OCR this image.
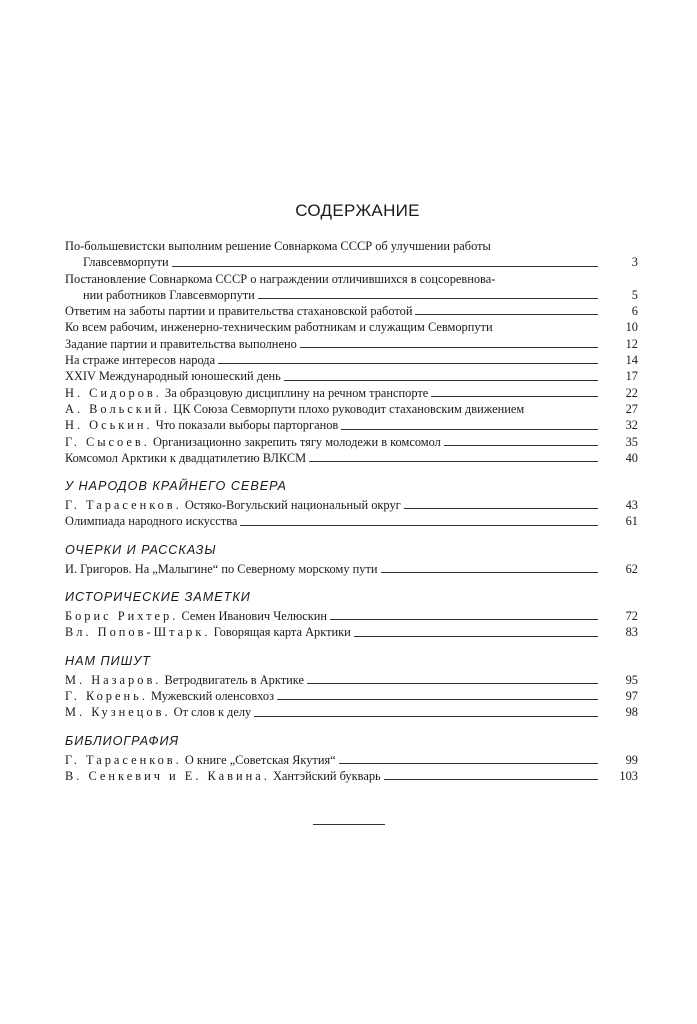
СОДЕРЖАНИЕ
По-большевистски выполним решение Совнаркома СССР об улучшении работы
Главсевморпути	3
Постановление Совнаркома СССР о награждении отличившихся в соцсоревнова-
нии работников Главсевморпути	5
Ответим на заботы партии и правительства стахановской работой	6
Ко всем рабочим, инженерно-техническим работникам и служащим Севморпути	10
Задание партии и правительства выполнено	12
На страже интересов народа	14
XXIV Международный юношеский день	17
Н. Сидоров. За образцовую дисциплину на речном транспорте	22
А. Вольский. ЦК Союза Севморпути плохо руководит стахановским движением	27
Н. Оськин. Что показали выборы парторганов	32
Г. Сысоев. Организационно закрепить тягу молодежи в комсомол	35
Комсомол Арктики к двадцатилетию ВЛКСМ	40
У НАРОДОВ КРАЙНЕГО СЕВЕРА
Г. Тарасенков. Остяко-Вогульский национальный округ	43
Олимпиада народного искусства	61
ОЧЕРКИ И РАССКАЗЫ
И. Григоров. На „Малыгине“ по Северному морскому пути	62
ИСТОРИЧЕСКИЕ ЗАМЕТКИ
Борис Рихтер. Семен Иванович Челюскин	72
Вл. Попов-Штарк. Говорящая карта Арктики	83
НАМ ПИШУТ
М. Назаров. Ветродвигатель в Арктике	95
Г. Корень. Мужевский оленсовхоз	97
М. Кузнецов. От слов к делу	98
БИБЛИОГРАФИЯ
Г. Тарасенков. О книге „Советская Якутия“	99
В. Сенкевич и Е. Кавина. Хантэйский букварь	103
